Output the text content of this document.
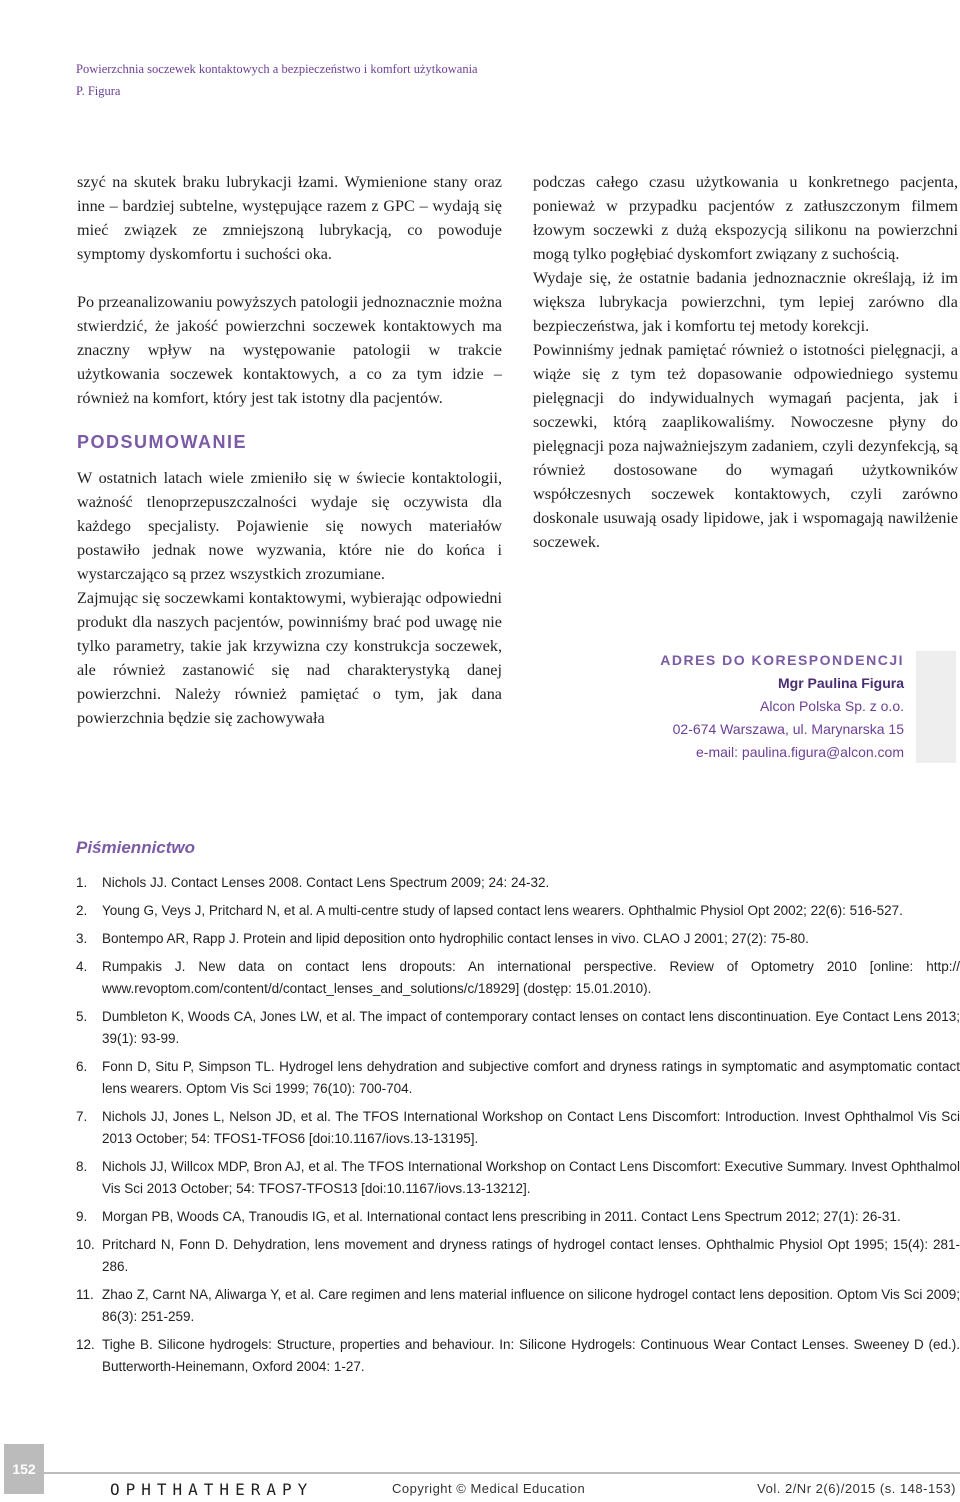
Powierzchnia soczewek kontaktowych a bezpieczeństwo i komfort użytkowania
P. Figura

szyć na skutek braku lubrykacji łzami. Wymienione stany oraz inne – bardziej subtelne, występujące razem z GPC – wydają się mieć związek ze zmniejszoną lubrykacją, co powoduje symptomy dyskomfortu i suchości oka.

Po przeanalizowaniu powyższych patologii jednoznacznie można stwierdzić, że jakość powierzchni soczewek kontaktowych ma znaczny wpływ na występowanie patologii w trakcie użytkowania soczewek kontaktowych, a co za tym idzie – również na komfort, który jest tak istotny dla pacjentów.

PODSUMOWANIE

W ostatnich latach wiele zmieniło się w świecie kontaktologii, ważność tlenoprzepuszczalności wydaje się oczywista dla każdego specjalisty. Pojawienie się nowych materiałów postawiło jednak nowe wyzwania, które nie do końca i wystarczająco są przez wszystkich zrozumiane.

Zajmując się soczewkami kontaktowymi, wybierając odpowiedni produkt dla naszych pacjentów, powinniśmy brać pod uwagę nie tylko parametry, takie jak krzywizna czy konstrukcja soczewek, ale również zastanowić się nad charakterystyką danej powierzchni. Należy również pamiętać o tym, jak dana powierzchnia będzie się zachowywała

podczas całego czasu użytkowania u konkretnego pacjenta, ponieważ w przypadku pacjentów z zatłuszczonym filmem łzowym soczewki z dużą ekspozycją silikonu na powierzchni mogą tylko pogłębiać dyskomfort związany z suchością.

Wydaje się, że ostatnie badania jednoznacznie określają, iż im większa lubrykacja powierzchni, tym lepiej zarówno dla bezpieczeństwa, jak i komfortu tej metody korekcji.

Powinniśmy jednak pamiętać również o istotności pielęgnacji, a wiąże się z tym też dopasowanie odpowiedniego systemu pielęgnacji do indywidualnych wymagań pacjenta, jak i soczewki, którą zaaplikowaliśmy. Nowoczesne płyny do pielęgnacji poza najważniejszym zadaniem, czyli dezynfekcją, są również dostosowane do wymagań użytkowników współczesnych soczewek kontaktowych, czyli zarówno doskonale usuwają osady lipidowe, jak i wspomagają nawilżenie soczewek.

ADRES DO KORESPONDENCJI
Mgr Paulina Figura
Alcon Polska Sp. z o.o.
02-674 Warszawa, ul. Marynarska 15
e-mail: paulina.figura@alcon.com
Piśmiennictwo
1. Nichols JJ. Contact Lenses 2008. Contact Lens Spectrum 2009; 24: 24-32.
2. Young G, Veys J, Pritchard N, et al. A multi-centre study of lapsed contact lens wearers. Ophthalmic Physiol Opt 2002; 22(6): 516-527.
3. Bontempo AR, Rapp J. Protein and lipid deposition onto hydrophilic contact lenses in vivo. CLAO J 2001; 27(2): 75-80.
4. Rumpakis J. New data on contact lens dropouts: An international perspective. Review of Optometry 2010 [online: http:// www.revoptom.com/content/d/contact_lenses_and_solutions/c/18929] (dostęp: 15.01.2010).
5. Dumbleton K, Woods CA, Jones LW, et al. The impact of contemporary contact lenses on contact lens discontinuation. Eye Contact Lens 2013; 39(1): 93-99.
6. Fonn D, Situ P, Simpson TL. Hydrogel lens dehydration and subjective comfort and dryness ratings in symptomatic and asymptomatic contact lens wearers. Optom Vis Sci 1999; 76(10): 700-704.
7. Nichols JJ, Jones L, Nelson JD, et al. The TFOS International Workshop on Contact Lens Discomfort: Introduction. Invest Ophthalmol Vis Sci 2013 October; 54: TFOS1-TFOS6 [doi:10.1167/iovs.13-13195].
8. Nichols JJ, Willcox MDP, Bron AJ, et al. The TFOS International Workshop on Contact Lens Discomfort: Executive Summary. Invest Ophthalmol Vis Sci 2013 October; 54: TFOS7-TFOS13 [doi:10.1167/iovs.13-13212].
9. Morgan PB, Woods CA, Tranoudis IG, et al. International contact lens prescribing in 2011. Contact Lens Spectrum 2012; 27(1): 26-31.
10. Pritchard N, Fonn D. Dehydration, lens movement and dryness ratings of hydrogel contact lenses. Ophthalmic Physiol Opt 1995; 15(4): 281-286.
11. Zhao Z, Carnt NA, Aliwarga Y, et al. Care regimen and lens material influence on silicone hydrogel contact lens deposition. Optom Vis Sci 2009; 86(3): 251-259.
12. Tighe B. Silicone hydrogels: Structure, properties and behaviour. In: Silicone Hydrogels: Continuous Wear Contact Lenses. Sweeney D (ed.). Butterworth-Heinemann, Oxford 2004: 1-27.
152
OPHTHATHERAPY	Copyright © Medical Education	Vol. 2/Nr 2(6)/2015 (s. 148-153)
